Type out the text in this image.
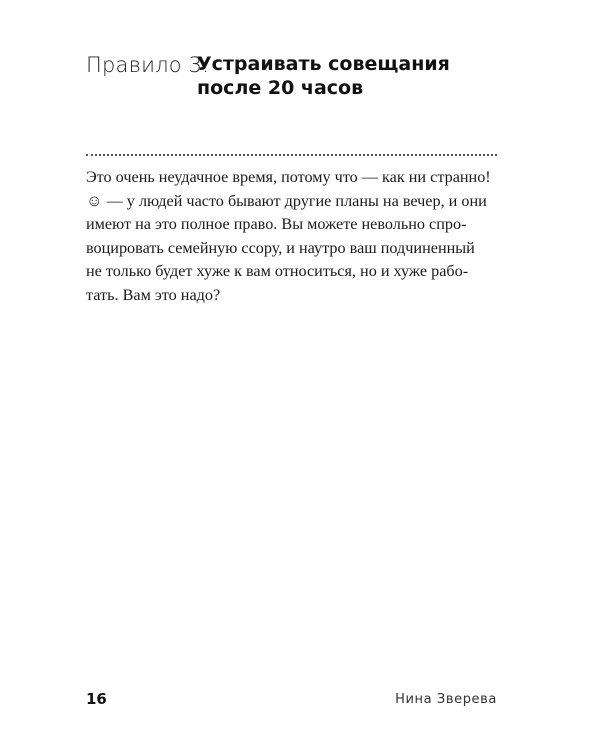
Правило 3.
Устраивать совещания
после 20 часов
Это очень неудачное время, потому что — как ни странно!
☺ — у людей часто бывают другие планы на вечер, и они
имеют на это полное право. Вы можете невольно спро-
воцировать семейную ссору, и наутро ваш подчиненный
не только будет хуже к вам относиться, но и хуже рабо-
тать. Вам это надо?
16	Нина Зверева
